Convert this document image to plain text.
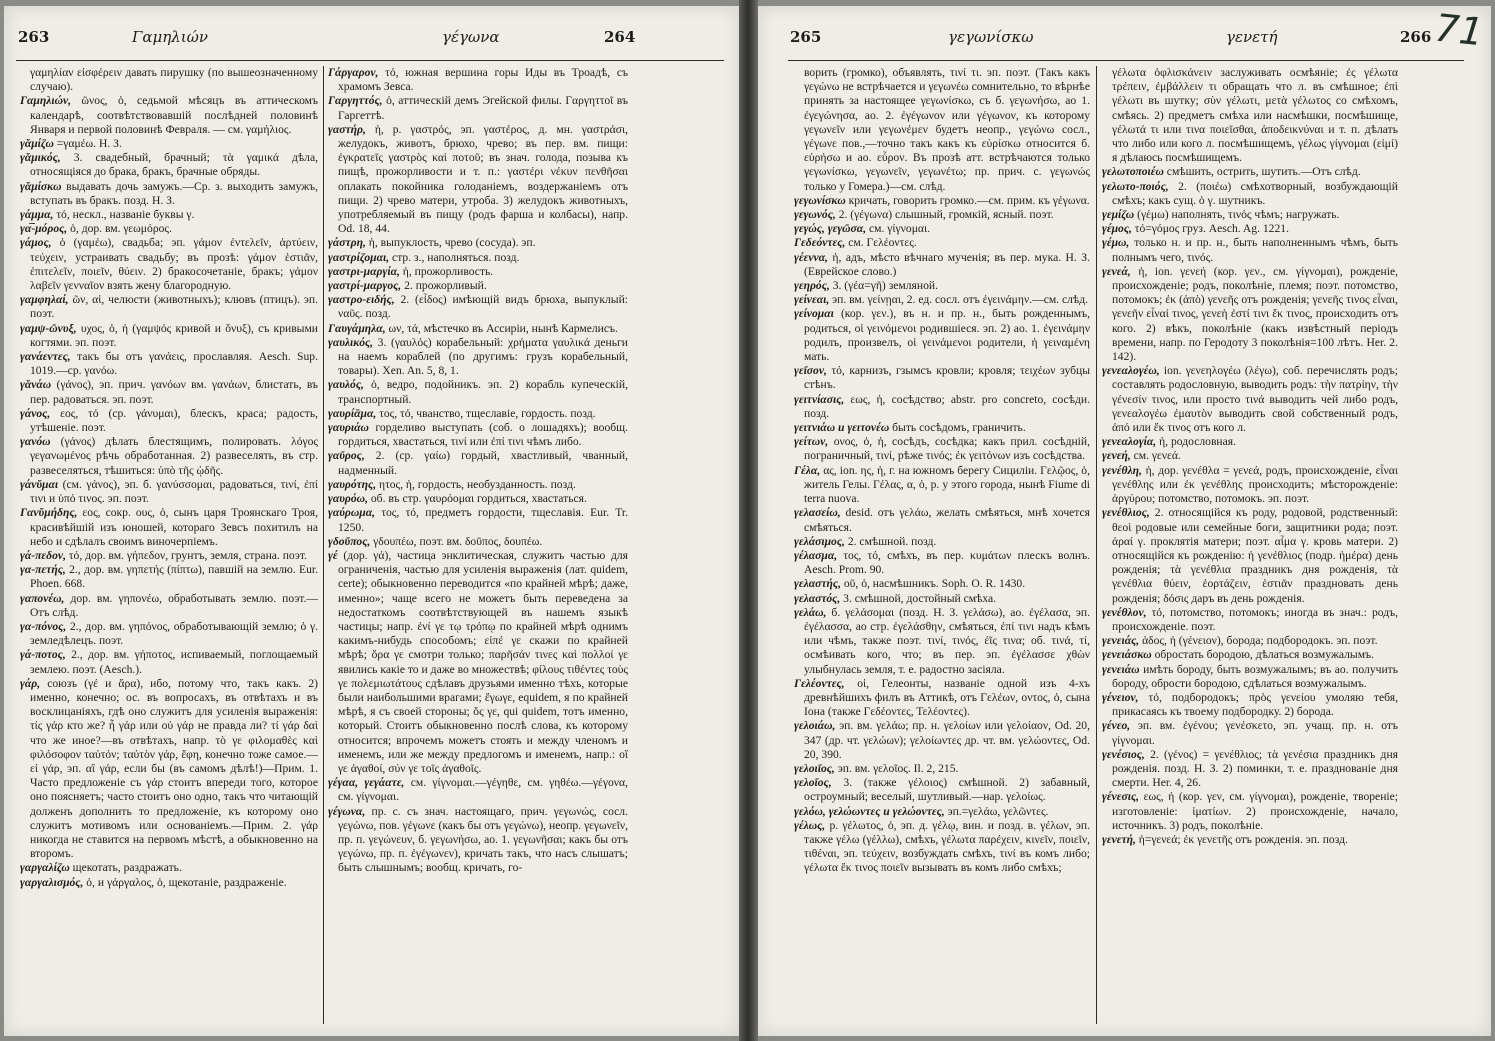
263	Γαμηλιών	γέγωνα	264

γαμηλίαν εἰσφέρειν давать пирушку (по вышеозначенному случаю).

Γαμηλιών, ῶνος, ὁ, седьмой мѣсяцъ въ аттическомъ календарѣ, соотвѣтствовавшій послѣдней половинѣ Января и первой половинѣ Февраля. — см. γαμήλιος.

γᾰμίζω =γαμέω. Н. З.

γᾰμικός, 3. свадебный, брачный; τὰ γαμικά дѣла, относящіяся до брака, бракъ, брачные обряды.

γᾰμίσκω выдавать дочь замужъ.—Ср. з. выходить замужъ, вступать въ бракъ. позд. Н. З.

γάμμα, τό, нескл., названіе буквы γ.

γα̅-μόρος, ὁ, дор. вм. γεωμόρος.

γάμος, ὁ (γαμέω), свадьба; эп. γάμον ἐντελεῖν, ἀρτύειν, τεύχειν, устраивать свадьбу; въ прозѣ: γάμον ἑστιᾶν, ἐπιτελεῖν, ποιεῖν, θύειν. 2) бракосочетаніе, бракъ; γάμον λαβεῖν γενναῖον взять жену благородную.

γαμφηλαί, ῶν, αἱ, челюсти (животныхъ); клювъ (птицъ). эп. поэт.

γαμψ-ῶνυξ, υχος, ὁ, ἡ (γαμψός кривой и ὄνυξ), съ кривыми когтями. эп. поэт.

γανάεντες, такъ бы отъ γανάεις, прославляя. Aesch. Sup. 1019.—ср. γανόω.

γᾰνάω (γάνος), эп. прич. γανόων вм. γανάων, блистать, въ пер. радоваться. эп. поэт.

γάνος, εος, τό (ср. γάνυμαι), блескъ, краса; радость, утѣшеніе. поэт.

γανόω (γάνος) дѣлать блестящимъ, полировать. λόγος γεγανωμένος рѣчь обработанная. 2) развеселять, въ стр. развеселяться, тѣшиться: ὑπὸ τῆς ᾠδῆς.

γάνῠμαι (см. γάνος), эп. б. γανύσσομαι, радоваться, τινί, ἐπί τινι и ὑπό τινος. эп. поэт.

Γανῠμήδης, εος, сокр. ους, ὁ, сынъ царя Троянскаго Троя, красивѣйшій изъ юношей, котораго Зевсъ похитилъ на небо и сдѣлалъ своимъ виночерпіемъ.

γά-πεδον, τό, дор. вм. γήπεδον, грунтъ, земля, страна. поэт.

γα-πετής, 2., дор. вм. γηπετής (πίπτω), павшій на землю. Eur. Phoen. 668.

γαπονέω, дор. вм. γηπονέω, обработывать землю. поэт.—Отъ слѣд.

γα-πόνος, 2., дор. вм. γηπόνος, обработывающій землю; ὁ γ. земледѣлецъ. поэт.

γά-ποτος, 2., дор. вм. γήποτος, испиваемый, поглощаемый землею. поэт. (Aesch.).

γάρ, союзъ (γέ и ἄρα), ибо, потому что, такъ какъ. 2) именно, конечно; ос. въ вопросахъ, въ отвѣтахъ и въ восклицаніяхъ, гдѣ оно служитъ для усиленія выраженія: τίς γάρ кто же? ἦ γάρ или οὐ γάρ не правда ли? τί γάρ δαὶ что же иное?—въ отвѣтахъ, напр. τὸ γε φιλομαθὲς καὶ φιλόσοφον ταὐτόν; ταὐτὸν γάρ, ἔφη, конечно тоже самое.—εἰ γάρ, эп. αἲ γάρ, если бы (въ самомъ дѣлѣ!)—Прим. 1. Часто предложеніе съ γάρ стоитъ впереди того, которое оно поясняетъ; часто стоитъ оно одно, такъ что читающій долженъ дополнить то предложеніе, къ которому оно служитъ мотивомъ или основаніемъ.—Прим. 2. γάρ никогда не ставится на первомъ мѣстѣ, а обыкновенно на второмъ.

γαργαλίζω щекотать, раздражать.

γαργαλισμός, ὁ, и γάργαλος, ὁ, щекотаніе, раздраженіе.

Γάργαρον, τό, южная вершина горы Иды въ Троадѣ, съ храмомъ Зевса.

Γαργηττός, ὁ, аттическій демъ Эгейской филы. Γαργηττοῖ въ Гаргеттѣ.

γαστήρ, ἡ, р. γαστρός, эп. γαστέρος, д. мн. γαστράσι, желудокъ, животъ, брюхо, чрево; въ пер. вм. пищи: ἐγκρατεῖς γαστρὸς καὶ ποτοῦ; въ знач. голода, позыва къ пищѣ, прожорливости и т. п.: γαστέρι νέκυν πενθῆσαι оплакать покойника голоданіемъ, воздержаніемъ отъ пищи. 2) чрево матери, утроба. 3) желудокъ животныхъ, употребляемый въ пищу (родъ фарша и колбасы), напр. Od. 18, 44.

γάστρη, ἡ, выпуклость, чрево (сосуда). эп.

γαστρίζομαι, стр. з., наполняться. позд.

γαστρι-μαργία, ἡ, прожорливость.

γαστρί-μαργος, 2. прожорливый.

γαστρο-ειδής, 2. (εἶδος) имѣющій видъ брюха, выпуклый: ναῦς. позд.

Γαυγάμηλα, ων, τά, мѣстечко въ Ассиріи, нынѣ Кармелисъ.

γαυλικός, 3. (γαυλός) корабельный: χρήματα γαυλικά деньги на наемъ кораблей (по другимъ: грузъ корабельный, товары). Xen. An. 5, 8, 1.

γαυλός, ὁ, ведро, подойникъ. эп. 2) корабль купеческій, транспортный.

γαυρίᾱμα, τος, τό, чванство, тщеславіе, гордость. позд.

γαυριάω горделиво выступать (соб. о лошадяхъ); вообщ. гордиться, хвастаться, τινί или ἐπί τινι чѣмъ либо.

γαῦρος, 2. (ср. γαίω) гордый, хвастливый, чванный, надменный.

γαυρότης, ητος, ἡ, гордость, необузданность. позд.

γαυρόω, об. въ стр. γαυρόομαι гордиться, хвастаться.

γαύρωμα, τος, τό, предметъ гордости, тщеславія. Eur. Tr. 1250.

γδοῦπος, γδουπέω, поэт. вм. δοῦπος, δουπέω.

γέ (дор. γά), частица энклитическая, служитъ частью для ограниченія, частью для усиленія выраженія (лат. quidem, certe); обыкновенно переводится «по крайней мѣрѣ; даже, именно»; чаще всего не можетъ быть переведена за недостаткомъ соотвѣтствующей въ нашемъ языкѣ частицы; напр. ἐνί γε τῳ τρόπῳ по крайней мѣрѣ однимъ какимъ-нибудь способомъ; εἰπέ γε скажи по крайней мѣрѣ; ὅρα γε смотри только; παρῆσάν τινες καὶ πολλοί γε явились какіе то и даже во множествѣ; φίλους τιθέντες τοὺς γε πολεμιωτάτους сдѣлавъ друзьями именно тѣхъ, которые были наибольшими врагами; ἔγωγε, equidem, я по крайней мѣрѣ, я съ своей стороны; ὅς γε, qui quidem, тотъ именно, который. Стоитъ обыкновенно послѣ слова, къ которому относится; впрочемъ можетъ стоять и между членомъ и именемъ, или же между предлогомъ и именемъ, напр.: οἵ γε ἀγαθοί, σύν γε τοῖς ἀγαθοῖς.

γέγαα, γεγάατε, см. γίγνομαι.—γέγηθε, см. γηθέω.—γέγονα, см. γίγνομαι.

γέγωνα, пр. с. съ знач. настоящаго, прич. γεγωνώς, сосл. γεγώνω, пов. γέγωνε (какъ бы отъ γεγώνω), неопр. γεγωνεῖν, пр. п. γεγώνευν, б. γεγωνήσω, ао. 1. γεγωνῆσαι; какъ бы отъ γεγώνω, пр. п. ἐγέγωνεν), кричать такъ, что насъ слышатъ; быть слышнымъ; вообщ. кричать, го-

265	γεγωνίσκω	γενετή	266 71

ворить (громко), объявлять, τινί τι. эп. поэт. (Такъ какъ γεγώνω не встрѣчается и γεγωνέω сомнительно, то вѣрнѣе принять за настоящее γεγωνίσκω, съ б. γεγωνήσω, ао 1. ἐγεγώνησα, ао. 2. ἐγέγωνον или γέγωνον, къ которому γεγωνεῖν или γεγωνέμεν будетъ неопр., γεγώνω сосл., γέγωνε пов.,—точно такъ какъ къ εὑρίσκω относится б. εὑρήσω и ао. εὗρον. Въ прозѣ атт. встрѣчаются только γεγωνίσκω, γεγωνεῖν, γεγωνέτω; пр. прич. с. γεγωνώς только у Гомера.)—см. слѣд.

γεγωνίσκω кричать, говорить громко.—см. прим. къ γέγωνα.

γεγωνός, 2. (γέγωνα) слышный, громкій, ясный. поэт.

γεγώς, γεγῶσα, см. γίγνομαι.

Γεδεόντες, см. Γελέοντες.

γέεννα, ἡ, адъ, мѣсто вѣчнаго мученія; въ пер. мука. Н. З. (Еврейское слово.)

γεηρός, 3. (γέα=γῆ) земляной.

γείνεαι, эп. вм. γείνῃαι, 2. ед. сосл. отъ ἐγεινάμην.—см. слѣд.

γείνομαι (кор. γεν.), въ н. и пр. н., быть рожденнымъ, родиться, οἱ γεινόμενοι родившіеся. эп. 2) ао. 1. ἐγεινάμην родилъ, произвелъ, οἱ γεινάμενοι родители, ἡ γειναμένη мать.

γεῖσον, τό, карнизъ, гзымсъ кровли; кровля; τειχέων зубцы стѣнъ.

γειτνίασις, εως, ἡ, сосѣдство; abstr. pro concreto, сосѣди. позд.

γειτνιάω и γειτονέω быть сосѣдомъ, граничить.

γείτων, ονος, ὁ, ἡ, сосѣдъ, сосѣдка; какъ прил. сосѣдній, пограничный, τινί, рѣже τινός; ἐκ γειτόνων изъ сосѣдства.

Γέλα, ας, ion. ης, ἡ, г. на южномъ берегу Сициліи. Γελῷος, ὁ, житель Гелы. Γέλας, α, ὁ, р. у этого города, нынѣ Fiume di terra nuova.

γελασείω, desid. отъ γελάω, желать смѣяться, мнѣ хочется смѣяться.

γελάσιμος, 2. смѣшной. позд.

γέλασμα, τος, τό, смѣхъ, въ пер. κυμάτων плескъ волнъ. Aesch. Prom. 90.

γελαστής, οῦ, ὁ, насмѣшникъ. Soph. O. R. 1430.

γελαστός, 3. смѣшной, достойный смѣха.

γελάω, б. γελάσομαι (позд. Н. З. γελάσω), ао. ἐγέλασα, эп. ἐγέλασσα, ао стр. ἐγελάσθην, смѣяться, ἐπί τινι надъ кѣмъ или чѣмъ, также поэт. τινί, τινός, ἐῖς τινα; об. τινά, τί, осмѣивать кого, что; въ пер. эп. ἐγέλασσε χθὼν улыбнулась земля, т. е. радостно засіяла.

Γελέοντες, οἱ, Гелеонты, названіе одной изъ 4-хъ древнѣйшихъ филъ въ Аттикѣ, отъ Γελέων, οντος, ὁ, сына Іона (также Γεδέοντες, Τελέοντες).

γελοιάω, эп. вм. γελάω; пр. н. γελοίων или γελοίαον, Od. 20, 347 (др. чт. γελώων); γελοίωντες др. чт. вм. γελώοντες, Od. 20, 390.

γελοιῖος, эп. вм. γελοῖος. Il. 2, 215.

γελοῖος, 3. (также γέλοιος) смѣшной. 2) забавный, остроумный; веселый, шутливый.—нар. γελοίως.

γελόω, γελώωντες и γελώοντες, эп.=γελάω, γελῶντες.

γέλως, р. γέλωτος, ὁ, эп. д. γέλῳ, вин. и позд. в. γέλων, эп. также γέλω (γέλλω), смѣхъ, γέλωτα παρέχειν, κινεῖν, ποιεῖν, τιθέναι, эп. τεύχειν, возбуждать смѣхъ, τινί въ комъ либо; γέλωτα ἔκ τινος ποιεῖν вызывать въ комъ либо смѣхъ;

γέλωτα ὀφλισκάνειν заслуживать осмѣяніе; ἐς γέλωτα τρέπειν, ἐμβάλλειν τι обращать что л. въ смѣшное; ἐπὶ γέλωτι въ шутку; σὺν γέλωτι, μετὰ γέλωτος со смѣхомъ, смѣясь. 2) предметъ смѣха или насмѣшки, посмѣшище, γέλωτά τι или τινα ποιεῖσθαι, ἀποδεικνύναι и т. п. дѣлать что либо или кого л. посмѣшищемъ, γέλως γίγνομαι (εἰμί) я дѣлаюсь посмѣшищемъ.

γελωτοποιέω смѣшить, острить, шутить.—Отъ слѣд.

γελωτο-ποιός, 2. (ποιέω) смѣхотворный, возбуждающій смѣхъ; какъ сущ. ὁ γ. шутникъ.

γεμίζω (γέμω) наполнять, τινός чѣмъ; нагружать.

γέμος, τό=γόμος груз. Aesch. Ag. 1221.

γέμω, только н. и пр. н., быть наполненнымъ чѣмъ, быть полнымъ чего, τινός.

γενεά, ἡ, ion. γενεή (кор. γεν., см. γίγνομαι), рожденіе, происхожденіе; родъ, поколѣніе, племя; поэт. потомство, потомокъ; ἐκ (ἀπὸ) γενεῆς отъ рожденія; γενεῆς τινος εἶναι, γενεῆν εἶναί τινος, γενεὴ ἐστί τινι ἔκ τινος, происходить отъ кого. 2) вѣкъ, поколѣніе (какъ извѣстный періодъ времени, напр. по Геродоту 3 поколѣнія=100 лѣтъ. Her. 2. 142).

γενεαλογέω, ion. γενεηλογέω (λέγω), соб. перечислять родъ; составлять родословную, выводить родъ: τὴν πατρίην, τὴν γένεσίν τινος, или просто τινά выводить чей либо родъ, γενεαλογέω ἐμαυτὸν выводить свой собственный родъ, ἀπό или ἔκ τινος отъ кого л.

γενεαλογία, ἡ, родословная.

γενεή, см. γενεά.

γενέθλη, ἡ, дор. γενέθλα = γενεά, родъ, происхожденіе, εἶναι γενέθλης или ἐκ γενέθλης происходить; мѣсторожденіе: ἀργύρου; потомство, потомокъ. эп. поэт.

γενέθλιος, 2. относящійся къ роду, родовой, родственный: θεοὶ родовые или семейные боги, защитники рода; поэт. ἀραί γ. проклятія матери; поэт. αἷμα γ. кровь матери. 2) относящійся къ рожденію: ἡ γενέθλιος (подр. ἡμέρα) день рожденія; τὰ γενέθλια праздникъ дня рожденія, τὰ γενέθλια θύειν, ἑορτάζειν, ἑστιᾶν праздновать день рожденія; δόσις даръ въ день рожденія.

γενέθλον, τό, потомство, потомокъ; иногда въ знач.: родъ, происхожденіе. поэт.

γενειάς, ἀδος, ἡ (γένειον), борода; подбородокъ. эп. поэт.

γενειάσκω обростать бородою, дѣлаться возмужалымъ.

γενειάω имѣть бороду, быть возмужалымъ; въ ао. получить бороду, обрости бородою, сдѣлаться возмужалымъ.

γένειον, τό, подбородокъ; πρὸς γενείου умоляю тебя, прикасаясь къ твоему подбородку. 2) борода.

γένεο, эп. вм. ἐγένου; γενέσκετο, эп. учащ. пр. н. отъ γίγνομαι.

γενέσιος, 2. (γένος) = γενέθλιος; τὰ γενέσια праздникъ дня рожденія. позд. Н. З. 2) поминки, т. е. празднованіе дня смерти. Her. 4, 26.

γένεσις, εως, ἡ (кор. γεν, см. γίγνομαι), рожденіе, твореніе; изготовленіе: ἱματίων. 2) происхожденіе, начало, источникъ. 3) родъ, поколѣніе.

γενετή, ἡ=γενεά; ἐκ γενετῆς отъ рожденія. эп. позд.
